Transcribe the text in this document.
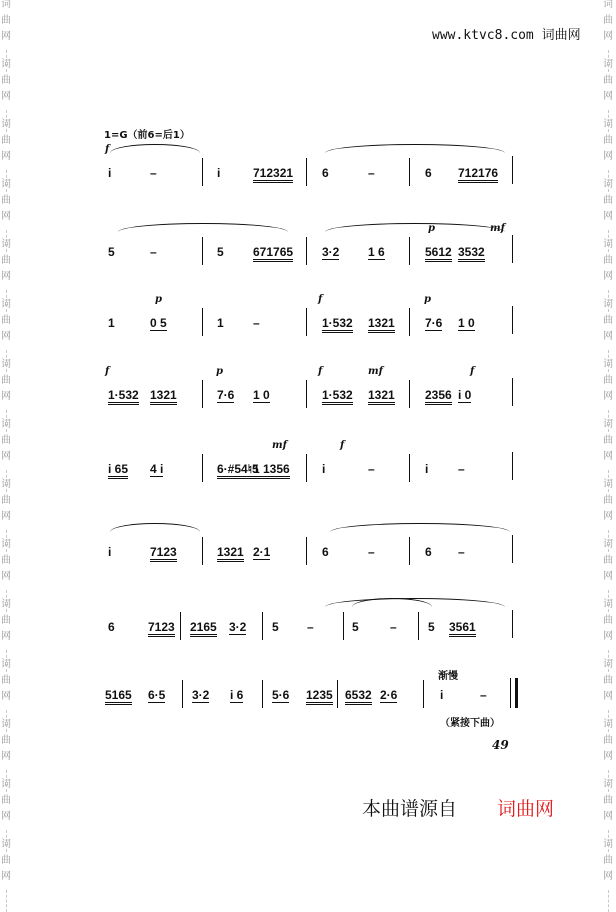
词
曲
网
词
曲
网
词
曲
网
词
曲
网
词
曲
网
词
曲
网
词
曲
网
词
曲
网
词
曲
网
词
曲
网
词
曲
网
词
曲
网
词
曲
网
词
曲
网
词
曲
网
词
曲
网
词
曲
网
词
曲
网
词
曲
网
词
曲
网
词
曲
网
词
曲
网
词
曲
网
词
曲
网
词
曲
网
词
曲
网
词
曲
网
词
曲
网
词
曲
网
词
曲
网
www.ktvc8.com 词曲网
1=G（前6=后1）
i	–	i	712321 6	–	6 712176
f
5	–	5 671765 3·2 1 6	5612 3532
p	mf
1	0 5	1 –	1·532 1321	7·6 1 0
p	f	p
1·532 1321	7·6 1 0	1·532 1321	2356 i 0
f	p	f	mf	f
i 65 4 i	6·#54♮5
1 1356	i	–	i –
mf	f
i	7123	1321 2·1	6	–	6 –
6	7123 2165 3·2 5 –	5	–	5 3561
5165 6·5 3·2 i 6 5·6 1235 6532 2·6	i	–
渐慢
（紧接下曲）
49
本曲谱源自 词曲网
